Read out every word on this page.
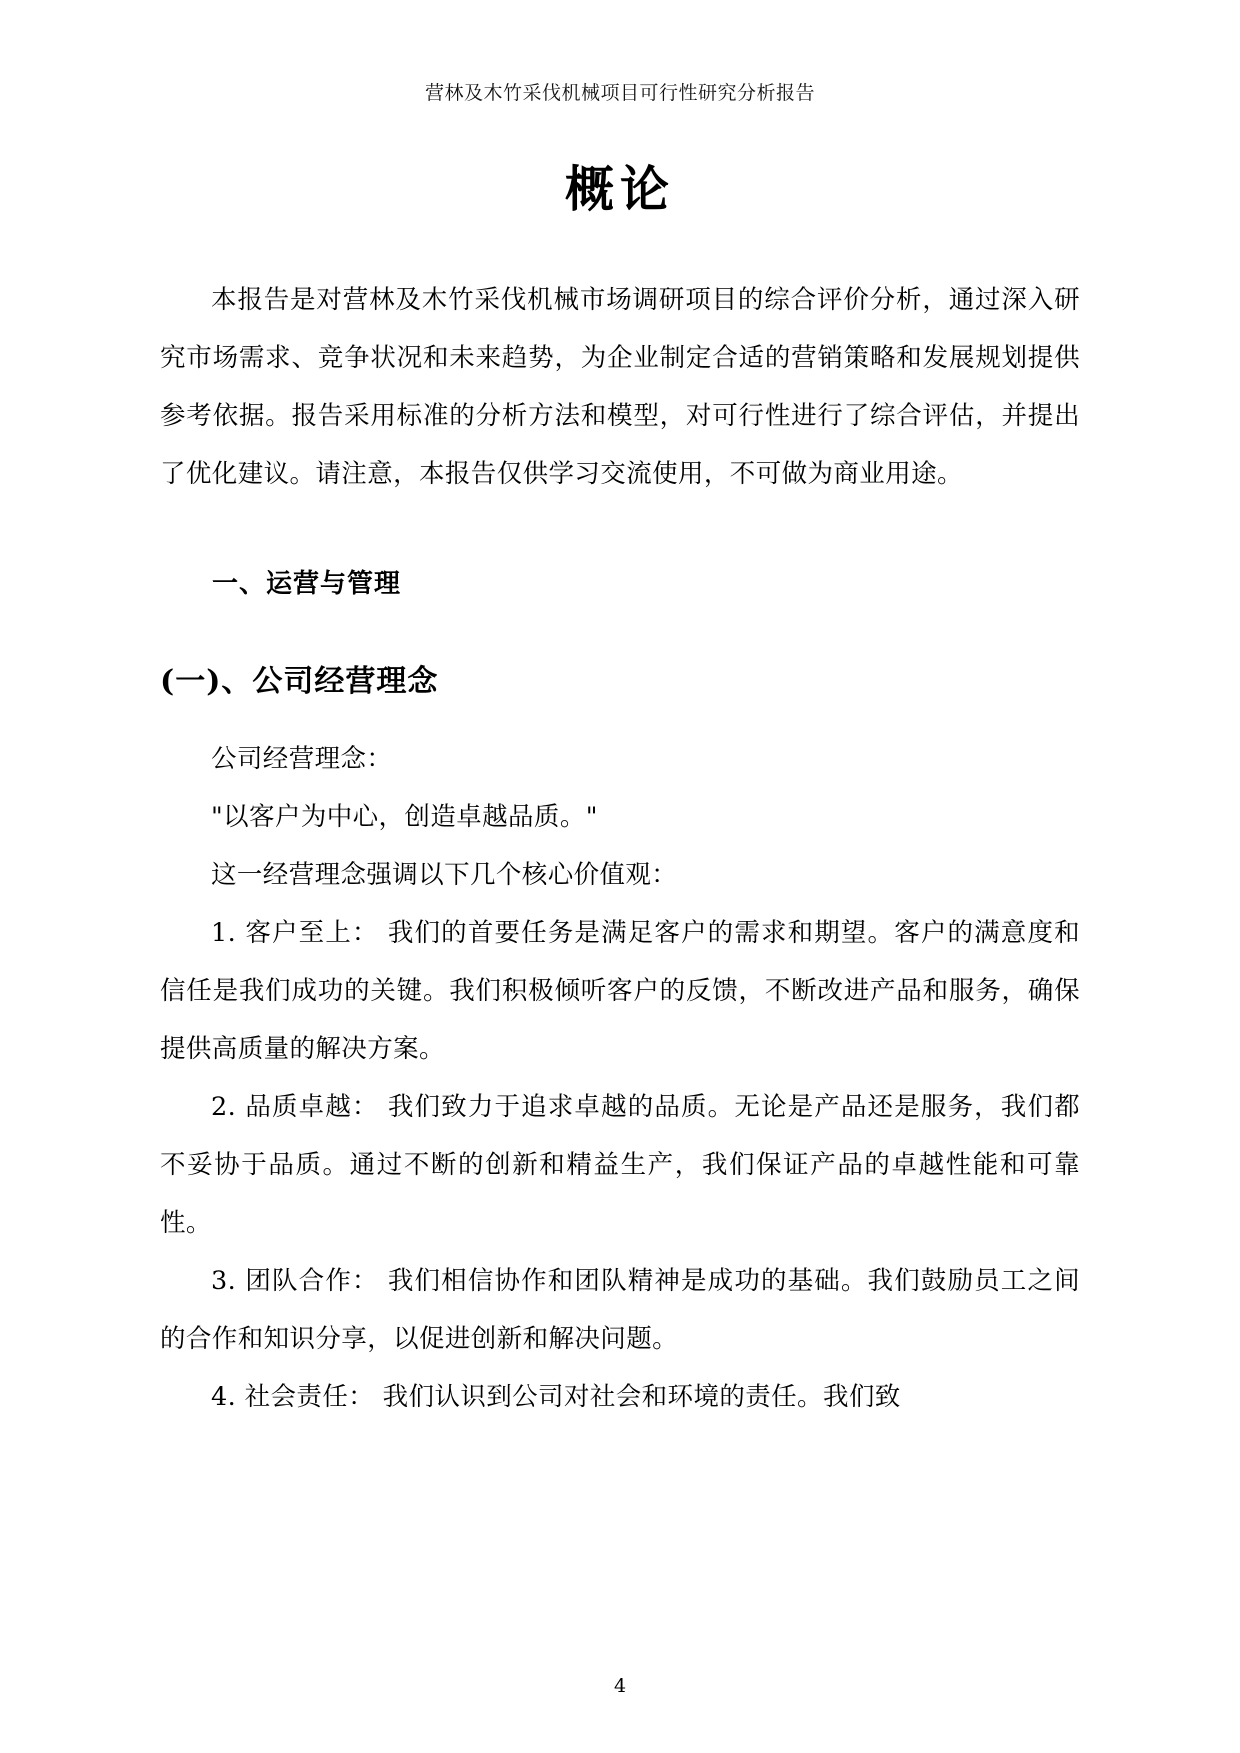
营林及木竹采伐机械项目可行性研究分析报告
概论

本报告是对营林及木竹采伐机械市场调研项目的综合评价分析，通过深入研究市场需求、竞争状况和未来趋势，为企业制定合适的营销策略和发展规划提供参考依据。报告采用标准的分析方法和模型，对可行性进行了综合评估，并提出了优化建议。请注意，本报告仅供学习交流使用，不可做为商业用途。

一、运营与管理
(一)、公司经营理念

公司经营理念：

"以客户为中心，创造卓越品质。"

这一经营理念强调以下几个核心价值观：

1. 客户至上： 我们的首要任务是满足客户的需求和期望。客户的满意度和信任是我们成功的关键。我们积极倾听客户的反馈，不断改进产品和服务，确保提供高质量的解决方案。

2. 品质卓越： 我们致力于追求卓越的品质。无论是产品还是服务，我们都不妥协于品质。通过不断的创新和精益生产，我们保证产品的卓越性能和可靠性。

3. 团队合作： 我们相信协作和团队精神是成功的基础。我们鼓励员工之间的合作和知识分享，以促进创新和解决问题。

4. 社会责任： 我们认识到公司对社会和环境的责任。我们致

4
